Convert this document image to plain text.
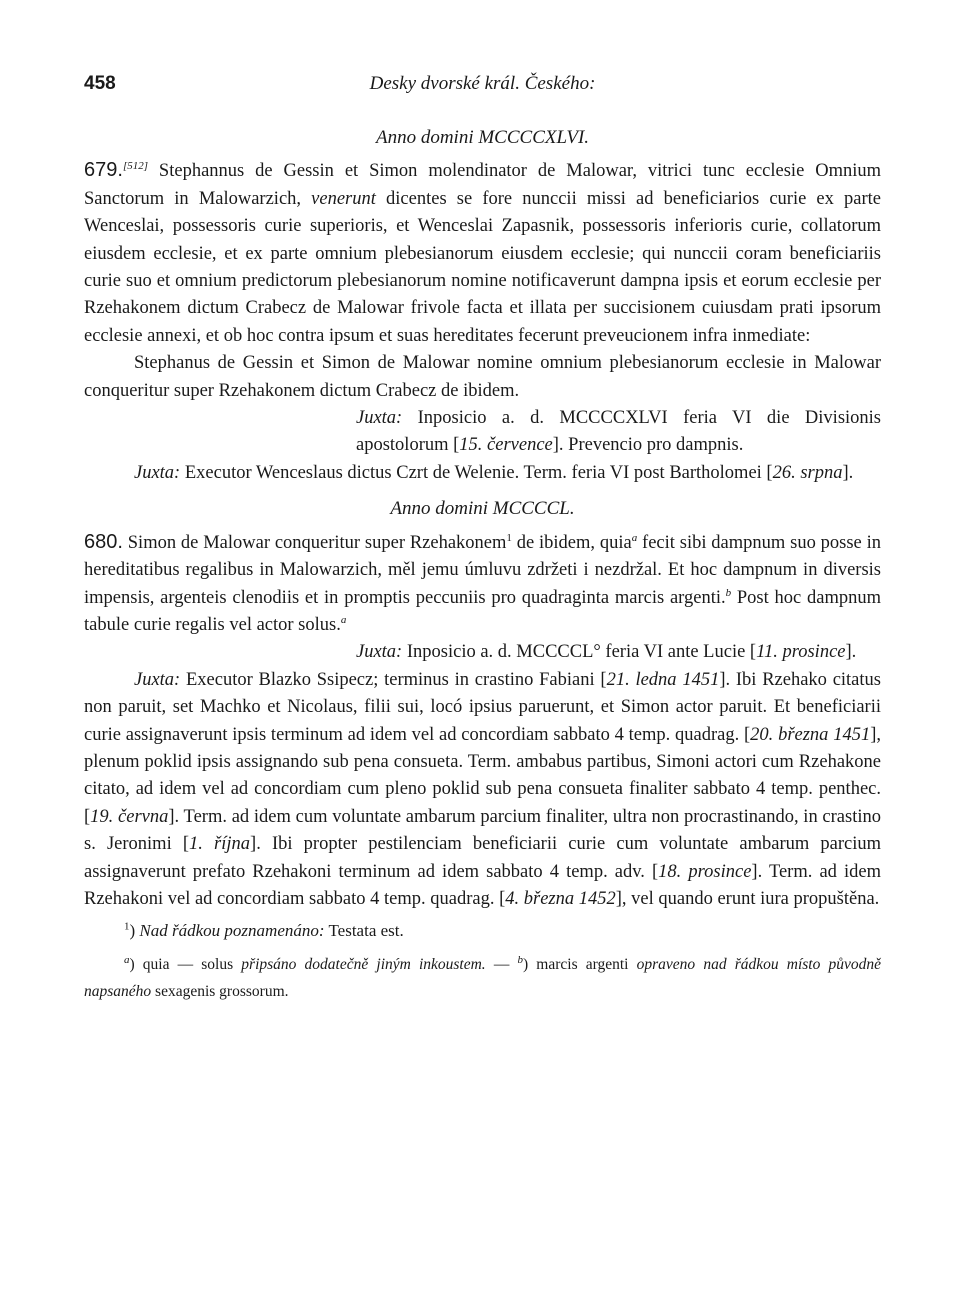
458	Desky dvorské král. Českého:
Anno domini MCCCCXLVI.

679.[512] Stephannus de Gessin et Simon molendinator de Malowar, vitrici tunc ecclesie Omnium Sanctorum in Malowarzich, venerunt dicentes se fore nunccii missi ad beneficiarios curie ex parte Wenceslai, possessoris curie superioris, et Wenceslai Zapasnik, possessoris inferioris curie, collatorum eiusdem ecclesie, et ex parte omnium plebesianorum eiusdem ecclesie; qui nunccii coram beneficiariis curie suo et omnium predictorum plebesianorum nomine notificaverunt dampna ipsis et eorum ecclesie per Rzehakonem dictum Crabecz de Malowar frivole facta et illata per succisionem cuiusdam prati ipsorum ecclesie annexi, et ob hoc contra ipsum et suas hereditates fecerunt preveucionem infra inmediate:

Stephanus de Gessin et Simon de Malowar nomine omnium plebesianorum ecclesie in Malowar conqueritur super Rzehakonem dictum Crabecz de ibidem.

Juxta: Inposicio a. d. MCCCCXLVI feria VI die Divisionis apostolorum [15. července]. Prevencio pro dampnis.

Juxta: Executor Wenceslaus dictus Czrt de Welenie. Term. feria VI post Bartholomei [26. srpna].

Anno domini MCCCCL.

680. Simon de Malowar conqueritur super Rzehakonem$^1$ de ibidem, quia$^a$ fecit sibi dampnum suo posse in hereditatibus regalibus in Malowarzich, měl jemu úmluvu zdržeti i nezdržal. Et hoc dampnum in diversis impensis, argenteis clenodiis et in promptis peccuniis pro quadraginta marcis argenti.$^b$ Post hoc dampnum tabule curie regalis vel actor solus.$^a$

Juxta: Inposicio a. d. MCCCCL° feria VI ante Lucie [11. prosince].

Juxta: Executor Blazko Ssipecz; terminus in crastino Fabiani [21. ledna 1451]. Ibi Rzehako citatus non paruit, set Machko et Nicolaus, filii sui, locó ipsius paruerunt, et Simon actor paruit. Et beneficiarii curie assignaverunt ipsis terminum ad idem vel ad concordiam sabbato 4 temp. quadrag. [20. března 1451], plenum poklid ipsis assignando sub pena consueta. Term. ambabus partibus, Simoni actori cum Rzehakone citato, ad idem vel ad concordiam cum pleno poklid sub pena consueta finaliter sabbato 4 temp. penthec. [19. června]. Term. ad idem cum voluntate ambarum parcium finaliter, ultra non procrastinando, in crastino s. Jeronimi [1. října]. Ibi propter pestilenciam beneficiarii curie cum voluntate ambarum parcium assignaverunt prefato Rzehakoni terminum ad idem sabbato 4 temp. adv. [18. prosince]. Term. ad idem Rzehakoni vel ad concordiam sabbato 4 temp. quadrag. [4. března 1452], vel quando erunt iura propuštěna.

$^1$) Nad řádkou poznamenáno: Testata est.

$^a$) quia — solus připsáno dodatečně jiným inkoustem. — $^b$) marcis argenti opraveno nad řádkou místo původně napsaného sexagenis grossorum.
